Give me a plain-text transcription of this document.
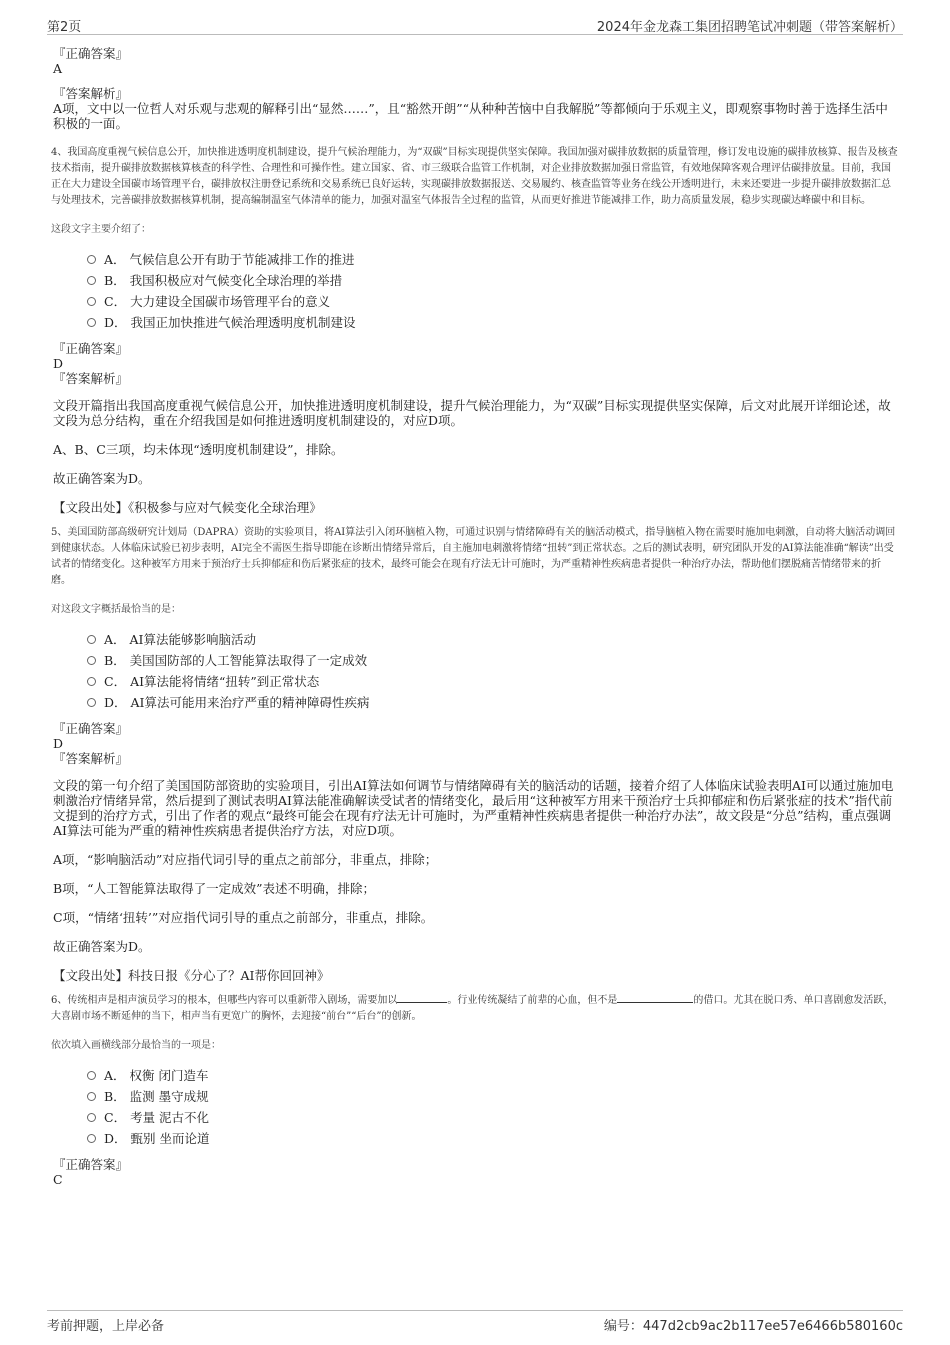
第2页	2024年金龙森工集团招聘笔试冲刺题（带答案解析）
『正确答案』
A
『答案解析』
A项，文中以一位哲人对乐观与悲观的解释引出“显然……”，且“豁然开朗”“从种种苦恼中自我解脱”等都倾向于乐观主义，即观察事物时善于选择生活中积极的一面。
4、我国高度重视气候信息公开，加快推进透明度机制建设，提升气候治理能力，为“双碳”目标实现提供坚实保障。我国加强对碳排放数据的质量管理，修订发电设施的碳排放核算、报告及核查技术指南，提升碳排放数据核算核查的科学性、合理性和可操作性。建立国家、省、市三级联合监管工作机制，对企业排放数据加强日常监管，有效地保障客观合理评估碳排放量。目前，我国正在大力建设全国碳市场管理平台，碳排放权注册登记系统和交易系统已良好运转，实现碳排放数据报送、交易履约、核查监管等业务在线公开透明进行，未来还要进一步提升碳排放数据汇总与处理技术，完善碳排放数据核算机制，提高编制温室气体清单的能力，加强对温室气体报告全过程的监管，从而更好推进节能减排工作，助力高质量发展，稳步实现碳达峰碳中和目标。
这段文字主要介绍了：
A． 气候信息公开有助于节能减排工作的推进
B． 我国积极应对气候变化全球治理的举措
C． 大力建设全国碳市场管理平台的意义
D． 我国正加快推进气候治理透明度机制建设
『正确答案』
D
『答案解析』
文段开篇指出我国高度重视气候信息公开，加快推进透明度机制建设，提升气候治理能力，为“双碳”目标实现提供坚实保障，后文对此展开详细论述，故文段为总分结构，重在介绍我国是如何推进透明度机制建设的，对应D项。
A、B、C三项，均未体现“透明度机制建设”，排除。
故正确答案为D。
【文段出处】《积极参与应对气候变化全球治理》
5、美国国防部高级研究计划局（DAPRA）资助的实验项目，将AI算法引入闭环脑植入物，可通过识别与情绪障碍有关的脑活动模式，指导脑植入物在需要时施加电刺激，自动将大脑活动调回到健康状态。人体临床试验已初步表明，AI完全不需医生指导即能在诊断出情绪异常后，自主施加电刺激将情绪“扭转”到正常状态。之后的测试表明，研究团队开发的AI算法能准确“解读”出受试者的情绪变化。这种被军方用来于预治疗士兵抑郁症和伤后紧张症的技术，最终可能会在现有疗法无计可施时，为严重精神性疾病患者提供一种治疗办法，帮助他们摆脱痛苦情绪带来的折磨。
对这段文字概括最恰当的是：
A． AI算法能够影响脑活动
B． 美国国防部的人工智能算法取得了一定成效
C． AI算法能将情绪“扭转”到正常状态
D． AI算法可能用来治疗严重的精神障碍性疾病
『正确答案』
D
『答案解析』
文段的第一句介绍了美国国防部资助的实验项目，引出AI算法如何调节与情绪障碍有关的脑活动的话题，接着介绍了人体临床试验表明AI可以通过施加电刺激治疗情绪异常，然后提到了测试表明AI算法能准确解读受试者的情绪变化，最后用“这种被军方用来干预治疗士兵抑郁症和伤后紧张症的技术”指代前文提到的治疗方式，引出了作者的观点“最终可能会在现有疗法无计可施时，为严重精神性疾病患者提供一种治疗办法”，故文段是“分总”结构，重点强调AI算法可能为严重的精神性疾病患者提供治疗方法，对应D项。
A项，“影响脑活动”对应指代词引导的重点之前部分，非重点，排除；
B项，“人工智能算法取得了一定成效”表述不明确，排除；
C项，“情绪‘扭转’”对应指代词引导的重点之前部分，非重点，排除。
故正确答案为D。
【文段出处】科技日报《分心了？AI帮你回回神》
6、传统相声是相声演员学习的根本，但哪些内容可以重新带入剧场，需要加以	。行业传统凝结了前辈的心血，但不是	的借口。尤其在脱口秀、单口喜剧愈发活跃，大喜剧市场不断延伸的当下，相声当有更宽广的胸怀，去迎接“前台”“后台”的创新。
依次填入画横线部分最恰当的一项是：
A． 权衡 闭门造车
B． 监测 墨守成规
C． 考量 泥古不化
D． 甄别 坐而论道
『正确答案』
C
考前押题，上岸必备	编号：447d2cb9ac2b117ee57e6466b580160c
